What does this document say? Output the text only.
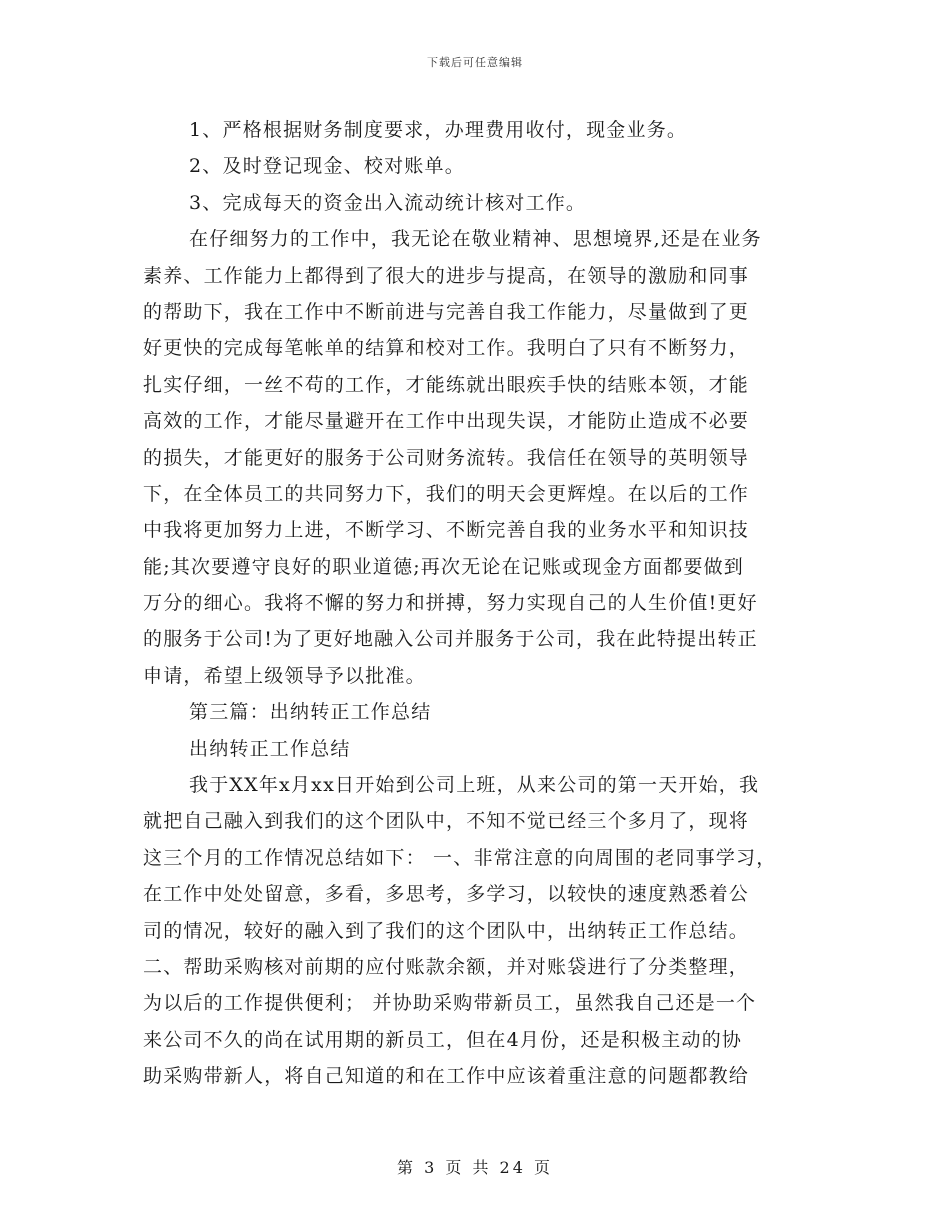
下载后可任意编辑
1、严格根据财务制度要求，办理费用收付，现金业务。
2、及时登记现金、校对账单。
3、完成每天的资金出入流动统计核对工作。
在仔细努力的工作中，我无论在敬业精神、思想境界,还是在业务
素养、工作能力上都得到了很大的进步与提高，在领导的激励和同事
的帮助下，我在工作中不断前进与完善自我工作能力，尽量做到了更
好更快的完成每笔帐单的结算和校对工作。我明白了只有不断努力，
扎实仔细，一丝不苟的工作，才能练就出眼疾手快的结账本领，才能
高效的工作，才能尽量避开在工作中出现失误，才能防止造成不必要
的损失，才能更好的服务于公司财务流转。我信任在领导的英明领导
下，在全体员工的共同努力下，我们的明天会更辉煌。在以后的工作
中我将更加努力上进，不断学习、不断完善自我的业务水平和知识技
能;其次要遵守良好的职业道德;再次无论在记账或现金方面都要做到
万分的细心。我将不懈的努力和拼搏，努力实现自己的人生价值!更好
的服务于公司!为了更好地融入公司并服务于公司，我在此特提出转正
申请，希望上级领导予以批准。
第三篇：出纳转正工作总结
出纳转正工作总结
我于XX年x月xx日开始到公司上班，从来公司的第一天开始，我
就把自己融入到我们的这个团队中，不知不觉已经三个多月了，现将
这三个月的工作情况总结如下： 一、非常注意的向周围的老同事学习，
在工作中处处留意，多看，多思考，多学习，以较快的速度熟悉着公
司的情况，较好的融入到了我们的这个团队中，出纳转正工作总结。
二、帮助采购核对前期的应付账款余额，并对账袋进行了分类整理，
为以后的工作提供便利； 并协助采购带新员工，虽然我自己还是一个
来公司不久的尚在试用期的新员工，但在4月份，还是积极主动的协
助采购带新人，将自己知道的和在工作中应该着重注意的问题都教给
第 3 页 共 24 页
